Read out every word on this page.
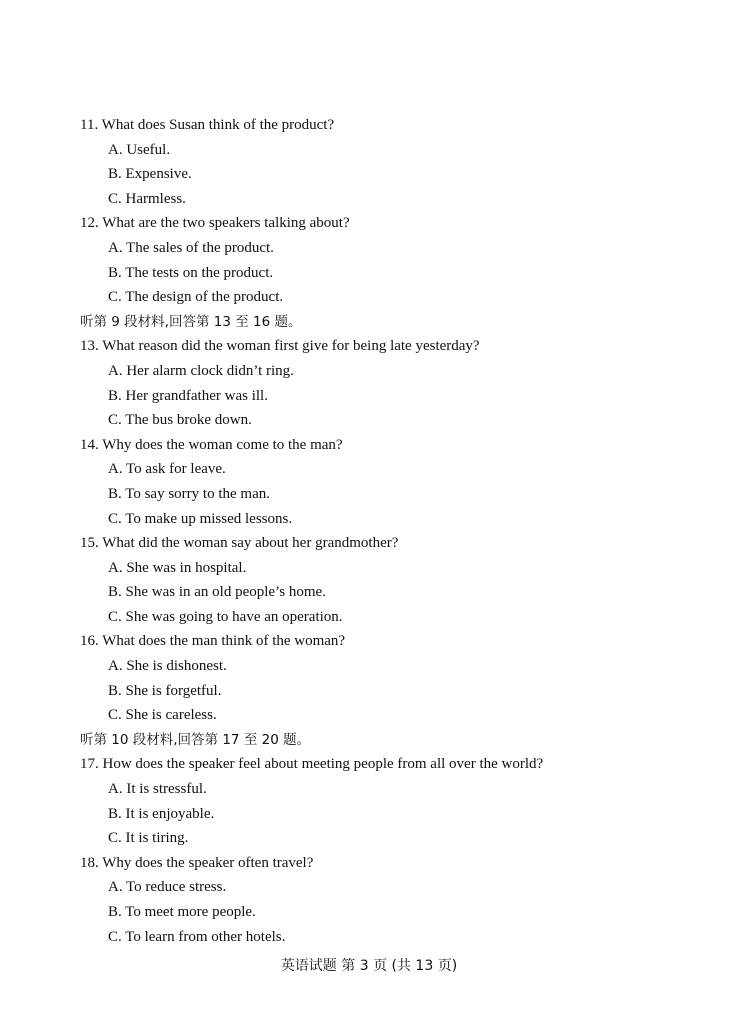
11. What does Susan think of the product?
A. Useful.
B. Expensive.
C. Harmless.
12. What are the two speakers talking about?
A. The sales of the product.
B. The tests on the product.
C. The design of the product.
听第 9 段材料,回答第 13 至 16 题。
13. What reason did the woman first give for being late yesterday?
A. Her alarm clock didn’t ring.
B. Her grandfather was ill.
C. The bus broke down.
14. Why does the woman come to the man?
A. To ask for leave.
B. To say sorry to the man.
C. To make up missed lessons.
15. What did the woman say about her grandmother?
A. She was in hospital.
B. She was in an old people’s home.
C. She was going to have an operation.
16. What does the man think of the woman?
A. She is dishonest.
B. She is forgetful.
C. She is careless.
听第 10 段材料,回答第 17 至 20 题。
17. How does the speaker feel about meeting people from all over the world?
A. It is stressful.
B. It is enjoyable.
C. It is tiring.
18. Why does the speaker often travel?
A. To reduce stress.
B. To meet more people.
C. To learn from other hotels.
英语试题 第 3 页 (共 13 页)
